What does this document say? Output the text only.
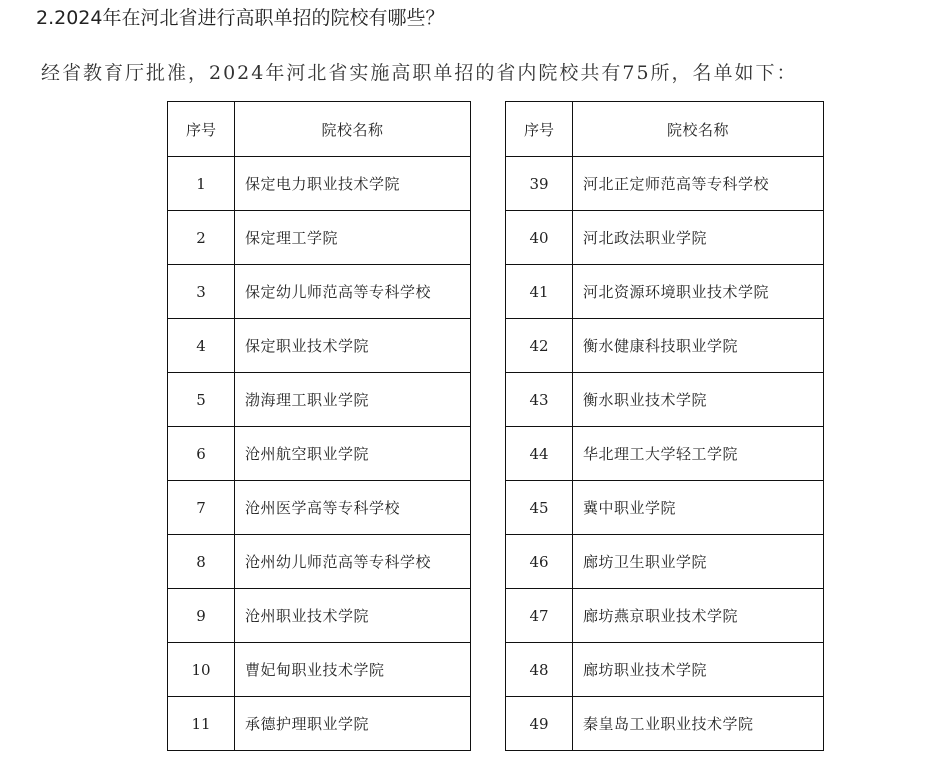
2.2024年在河北省进行高职单招的院校有哪些？
经省教育厅批准，2024年河北省实施高职单招的省内院校共有75所，名单如下：
序号	院校名称
1	保定电力职业技术学院
2	保定理工学院
3	保定幼儿师范高等专科学校
4	保定职业技术学院
5	渤海理工职业学院
6	沧州航空职业学院
7	沧州医学高等专科学校
8	沧州幼儿师范高等专科学校
9	沧州职业技术学院
10	曹妃甸职业技术学院
11	承德护理职业学院
序号	院校名称
39	河北正定师范高等专科学校
40	河北政法职业学院
41	河北资源环境职业技术学院
42	衡水健康科技职业学院
43	衡水职业技术学院
44	华北理工大学轻工学院
45	冀中职业学院
46	廊坊卫生职业学院
47	廊坊燕京职业技术学院
48	廊坊职业技术学院
49	秦皇岛工业职业技术学院
